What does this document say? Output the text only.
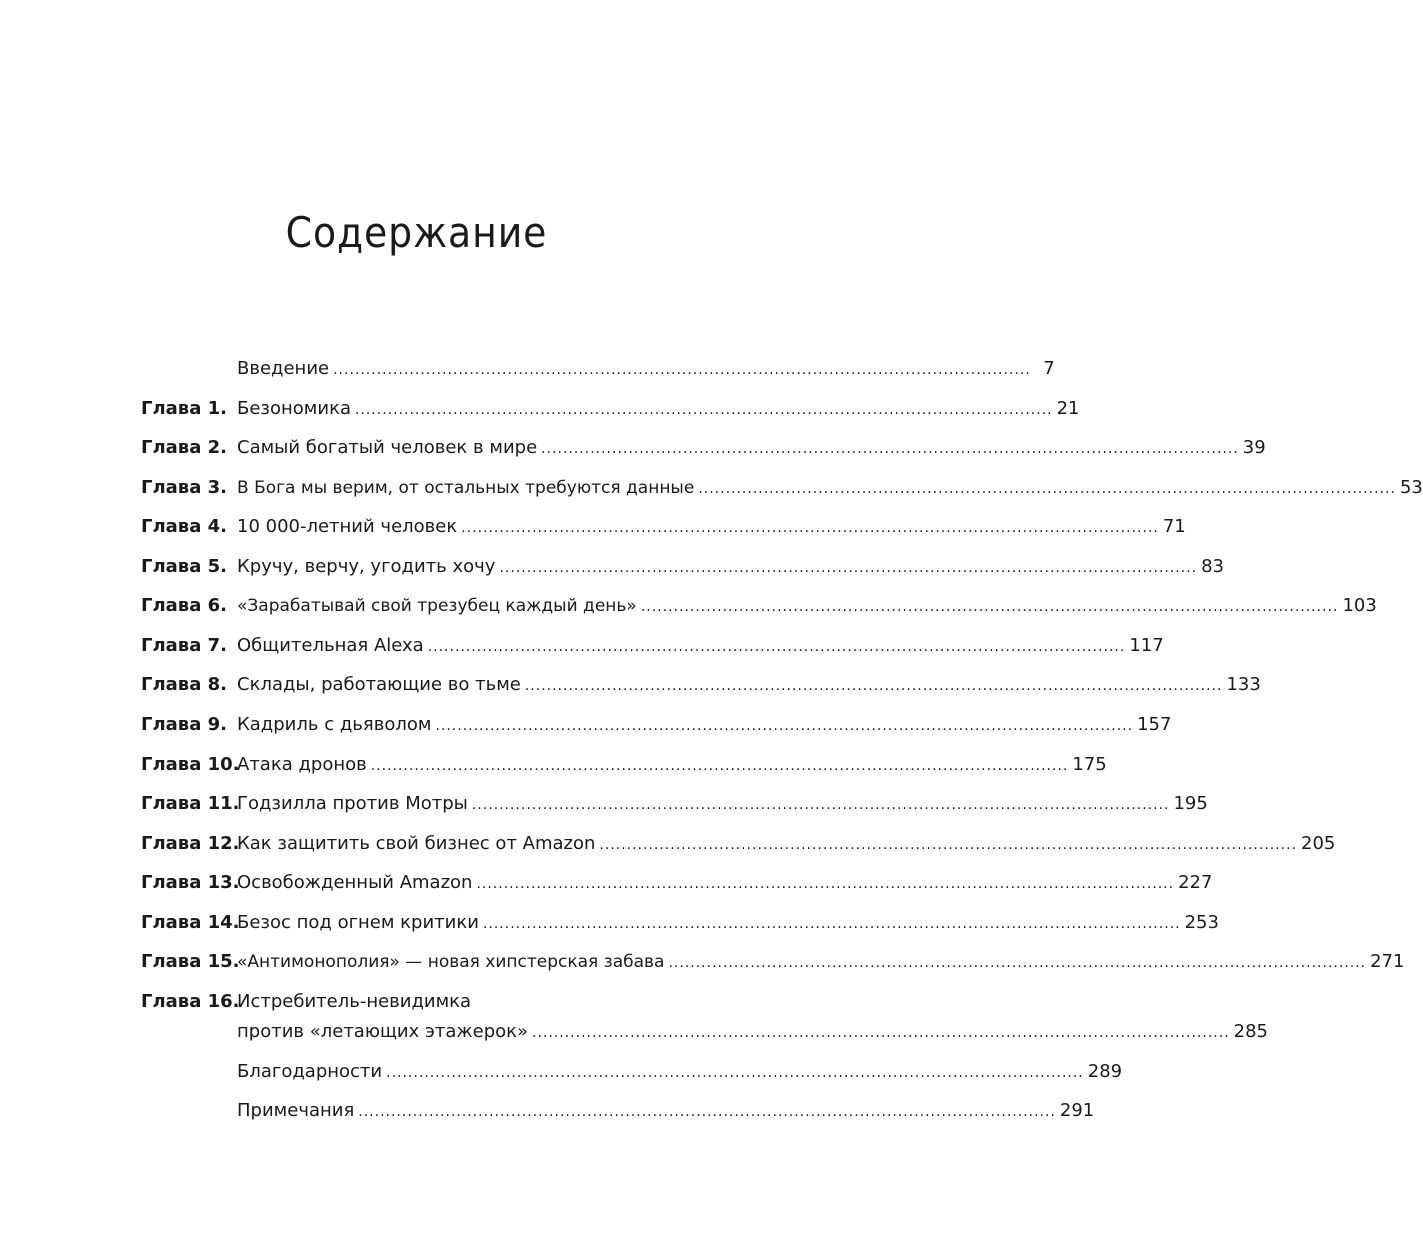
Содержание
Введение ................................................................................................................................ 7
Глава 1. Безономика ................................................................................................................................ 21
Глава 2. Самый богатый человек в мире ................................................................................................................................ 39
Глава 3. В Бога мы верим, от остальных требуются данные ................................................................................................................................ 53
Глава 4. 10 000-летний человек ................................................................................................................................ 71
Глава 5. Кручу, верчу, угодить хочу ................................................................................................................................ 83
Глава 6. «Зарабатывай свой трезубец каждый день» ................................................................................................................................ 103
Глава 7. Общительная Alexa ................................................................................................................................ 117
Глава 8. Склады, работающие во тьме ................................................................................................................................ 133
Глава 9. Кадриль с дьяволом ................................................................................................................................ 157
Глава 10.
Атака дронов ................................................................................................................................ 175
Глава 11.
Годзилла против Мотры ................................................................................................................................ 195
Глава 12.
Как защитить свой бизнес от Amazon ................................................................................................................................ 205
Глава 13.
Освобожденный Amazon ................................................................................................................................ 227
Глава 14.
Безос под огнем критики ................................................................................................................................ 253
Глава 15.
«Антимонополия» — новая хипстерская забава ................................................................................................................................ 271
Глава 16.
Истребитель-невидимка
против «летающих этажерок» ................................................................................................................................ 285
Благодарности ................................................................................................................................ 289
Примечания ................................................................................................................................ 291
